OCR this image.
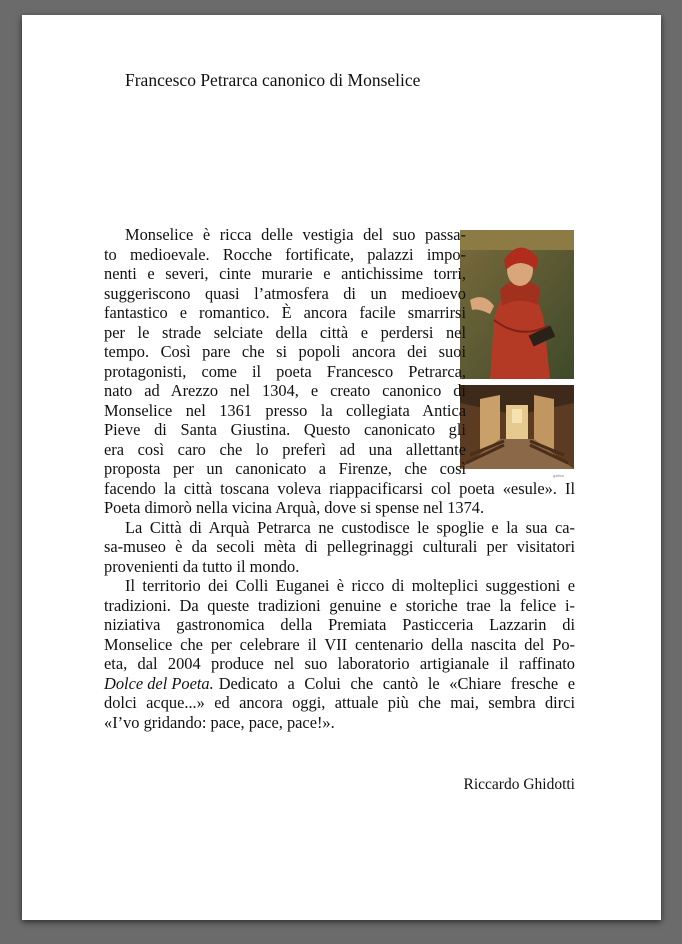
Francesco Petrarca canonico di Monselice
gatton
Monselice è ricca delle vestigia del suo passa-
to medioevale. Rocche fortificate, palazzi impo-
nenti e severi, cinte murarie e antichissime torri,
suggeriscono quasi l’atmosfera di un medioevo
fantastico e romantico. È ancora facile smarrirsi
per le strade selciate della città e perdersi nel
tempo. Così pare che si popoli ancora dei suoi
protagonisti, come il poeta Francesco Petrarca,
nato ad Arezzo nel 1304, e creato canonico di
Monselice nel 1361 presso la collegiata Antica
Pieve di Santa Giustina. Questo canonicato gli
era così caro che lo preferì ad una allettante
proposta per un canonicato a Firenze, che così
facendo la città toscana voleva riappacificarsi col poeta «esule». Il
Poeta dimorò nella vicina Arquà, dove si spense nel 1374.
La Città di Arquà Petrarca ne custodisce le spoglie e la sua ca-
sa-museo è da secoli mèta di pellegrinaggi culturali per visitatori
provenienti da tutto il mondo.
Il territorio dei Colli Euganei è ricco di molteplici suggestioni e
tradizioni. Da queste tradizioni genuine e storiche trae la felice i-
niziativa gastronomica della Premiata Pasticceria Lazzarin di
Monselice che per celebrare il VII centenario della nascita del Po-
eta, dal 2004 produce nel suo laboratorio artigianale il raffinato
Dolce del Poeta. Dedicato a Colui che cantò le «Chiare fresche e
dolci acque...» ed ancora oggi, attuale più che mai, sembra dirci
«I’vo gridando: pace, pace, pace!».
Riccardo Ghidotti
